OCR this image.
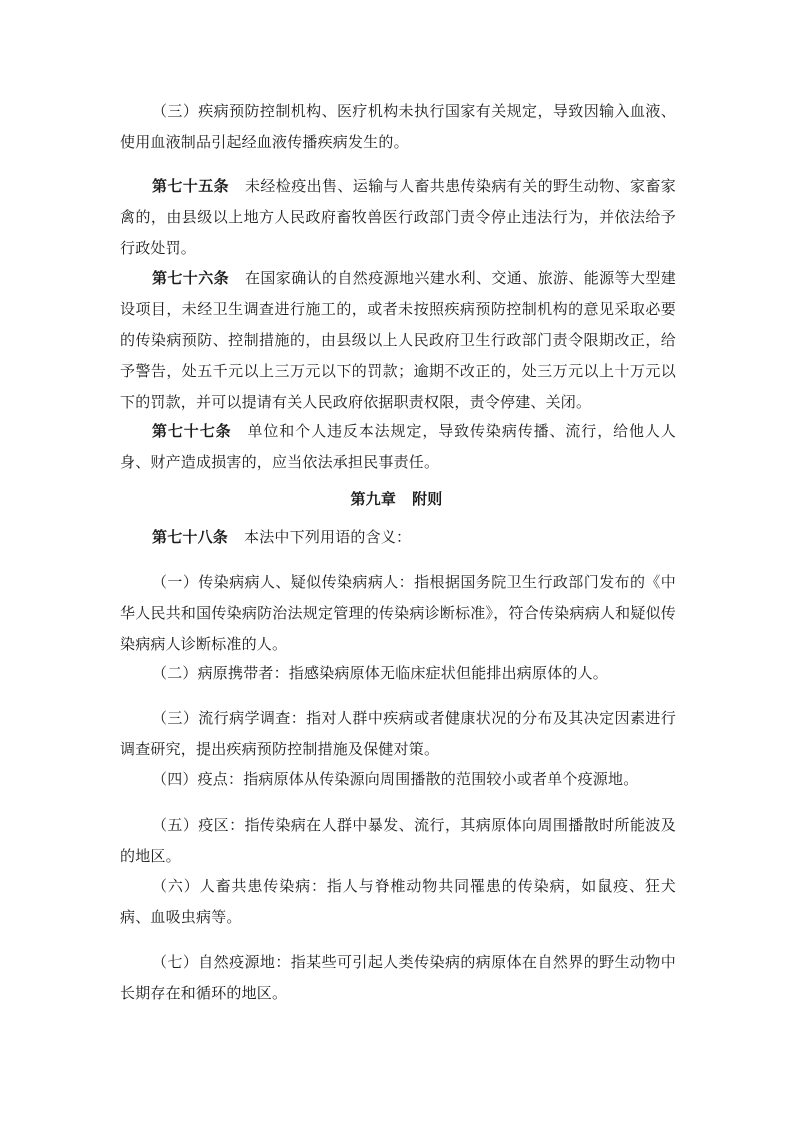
（三）疾病预防控制机构、医疗机构未执行国家有关规定，导致因输入血液、使用血液制品引起经血液传播疾病发生的。

第七十五条 未经检疫出售、运输与人畜共患传染病有关的野生动物、家畜家禽的，由县级以上地方人民政府畜牧兽医行政部门责令停止违法行为，并依法给予行政处罚。

第七十六条 在国家确认的自然疫源地兴建水利、交通、旅游、能源等大型建设项目，未经卫生调查进行施工的，或者未按照疾病预防控制机构的意见采取必要的传染病预防、控制措施的，由县级以上人民政府卫生行政部门责令限期改正，给予警告，处五千元以上三万元以下的罚款；逾期不改正的，处三万元以上十万元以下的罚款，并可以提请有关人民政府依据职责权限，责令停建、关闭。

第七十七条 单位和个人违反本法规定，导致传染病传播、流行，给他人人身、财产造成损害的，应当依法承担民事责任。

第九章 附则

第七十八条 本法中下列用语的含义：

（一）传染病病人、疑似传染病病人：指根据国务院卫生行政部门发布的《中华人民共和国传染病防治法规定管理的传染病诊断标准》，符合传染病病人和疑似传染病病人诊断标准的人。

（二）病原携带者：指感染病原体无临床症状但能排出病原体的人。

（三）流行病学调查：指对人群中疾病或者健康状况的分布及其决定因素进行调查研究，提出疾病预防控制措施及保健对策。

（四）疫点：指病原体从传染源向周围播散的范围较小或者单个疫源地。

（五）疫区：指传染病在人群中暴发、流行，其病原体向周围播散时所能波及的地区。

（六）人畜共患传染病：指人与脊椎动物共同罹患的传染病，如鼠疫、狂犬病、血吸虫病等。

（七）自然疫源地：指某些可引起人类传染病的病原体在自然界的野生动物中长期存在和循环的地区。
